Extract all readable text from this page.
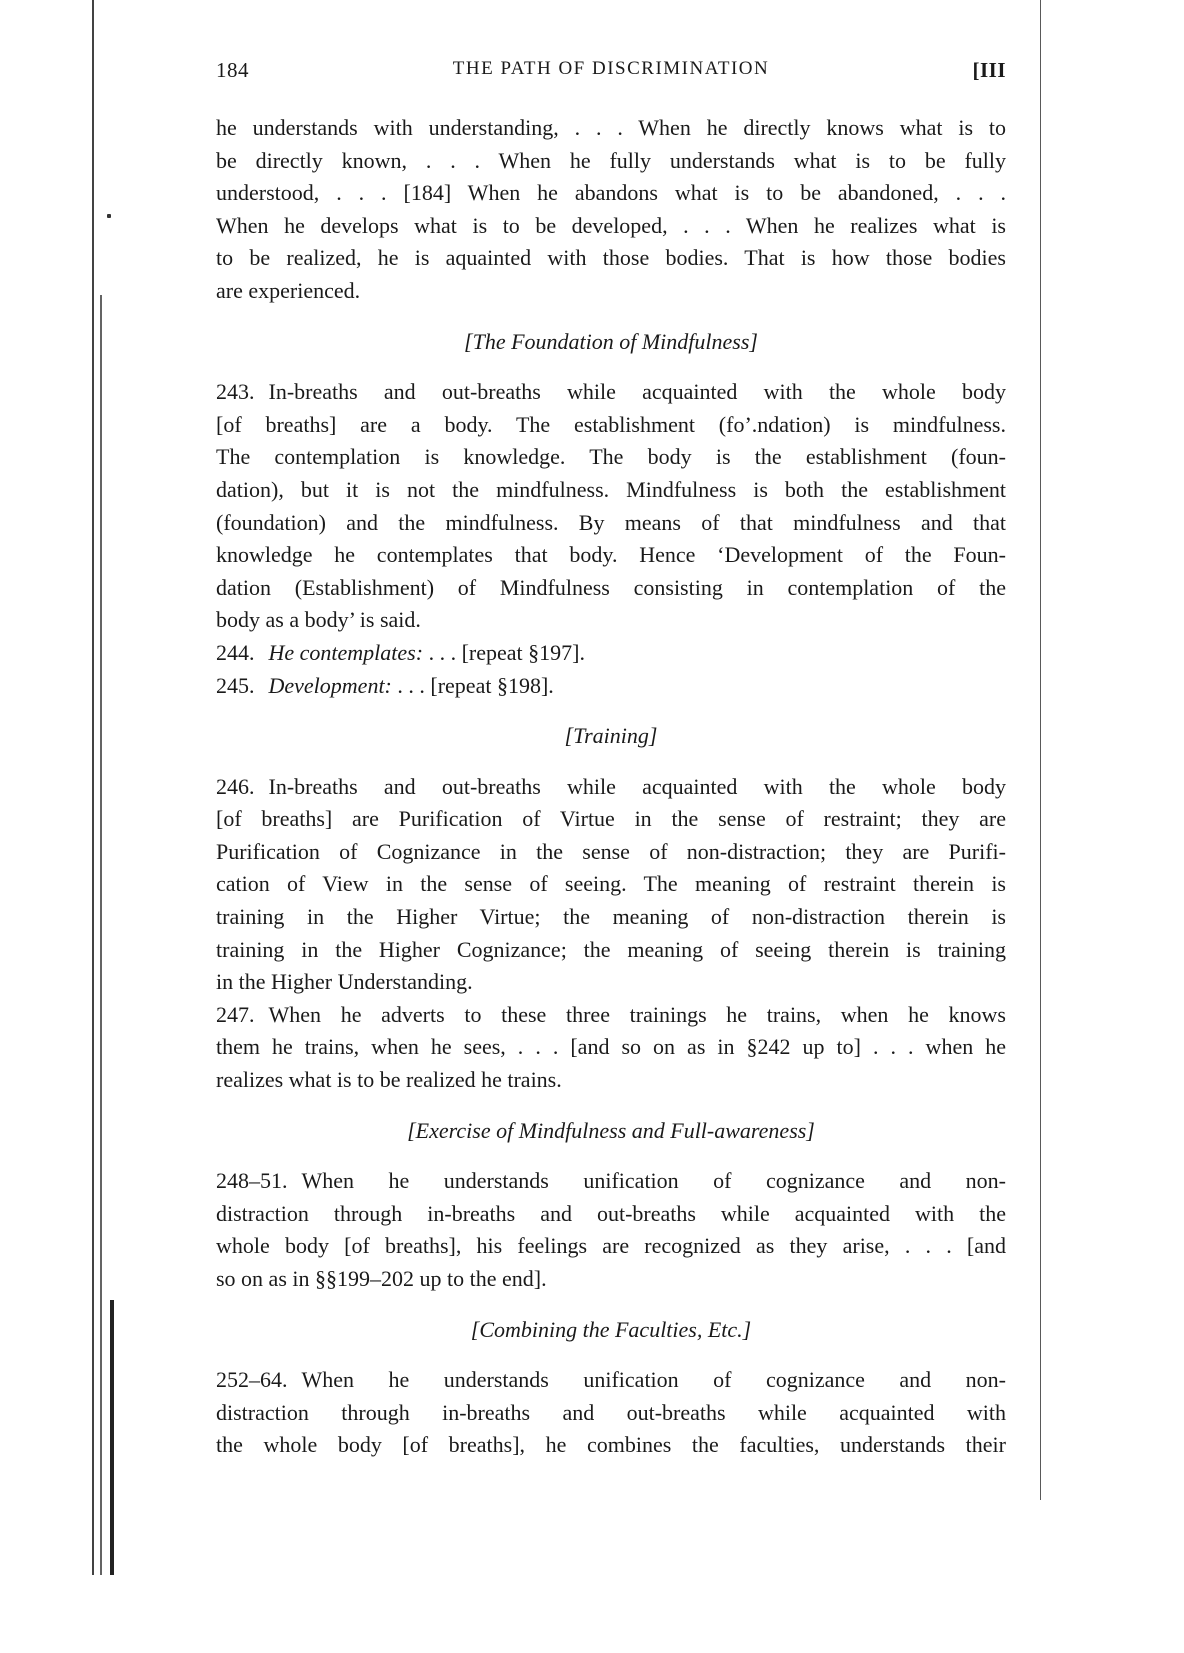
184	THE PATH OF DISCRIMINATION	[III
he understands with understanding, . . . When he directly knows what is to
be directly known, . . . When he fully understands what is to be fully
understood, . . . [184] When he abandons what is to be abandoned, . . .
When he develops what is to be developed, . . . When he realizes what is
to be realized, he is aquainted with those bodies. That is how those bodies
are experienced.
[The Foundation of Mindfulness]
243. In-breaths and out-breaths while acquainted with the whole body
[of breaths] are a body. The establishment (fo’.ndation) is mindfulness.
The contemplation is knowledge. The body is the establishment (foun-
dation), but it is not the mindfulness. Mindfulness is both the establishment
(foundation) and the mindfulness. By means of that mindfulness and that
knowledge he contemplates that body. Hence ‘Development of the Foun-
dation (Establishment) of Mindfulness consisting in contemplation of the
body as a body’ is said.
244. He contemplates: . . . [repeat §197].
245. Development: . . . [repeat §198].
[Training]
246. In-breaths and out-breaths while acquainted with the whole body
[of breaths] are Purification of Virtue in the sense of restraint; they are
Purification of Cognizance in the sense of non-distraction; they are Purifi-
cation of View in the sense of seeing. The meaning of restraint therein is
training in the Higher Virtue; the meaning of non-distraction therein is
training in the Higher Cognizance; the meaning of seeing therein is training
in the Higher Understanding.
247. When he adverts to these three trainings he trains, when he knows
them he trains, when he sees, . . . [and so on as in §242 up to] . . . when he
realizes what is to be realized he trains.
[Exercise of Mindfulness and Full-awareness]
248–51. When he understands unification of cognizance and non-
distraction through in-breaths and out-breaths while acquainted with the
whole body [of breaths], his feelings are recognized as they arise, . . . [and
so on as in §§199–202 up to the end].
[Combining the Faculties, Etc.]
252–64. When he understands unification of cognizance and non-
distraction through in-breaths and out-breaths while acquainted with
the whole body [of breaths], he combines the faculties, understands their
